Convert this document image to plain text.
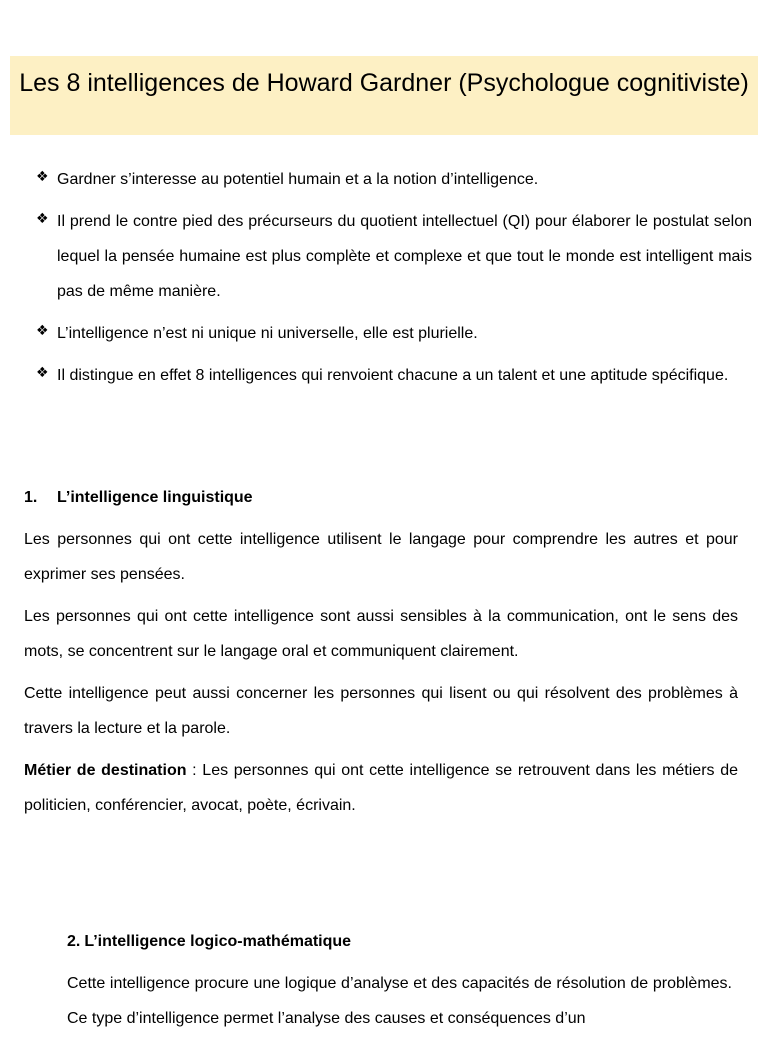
Les 8 intelligences de Howard Gardner (Psychologue cognitiviste)
❖ Gardner s’interesse au potentiel humain et a la notion d’intelligence.
❖ Il prend le contre pied des précurseurs du quotient intellectuel (QI) pour élaborer le postulat selon lequel la pensée humaine est plus complète et complexe et que tout le monde est intelligent mais pas de même manière.
❖ L’intelligence n’est ni unique ni universelle, elle est plurielle.
❖ Il distingue en effet 8 intelligences qui renvoient chacune a un talent et une aptitude spécifique.

1. L’intelligence linguistique

Les personnes qui ont cette intelligence utilisent le langage pour comprendre les autres et pour exprimer ses pensées.

Les personnes qui ont cette intelligence sont aussi sensibles à la communication, ont le sens des mots, se concentrent sur le langage oral et communiquent clairement.

Cette intelligence peut aussi concerner les personnes qui lisent ou qui résolvent des problèmes à travers la lecture et la parole.

Métier de destination : Les personnes qui ont cette intelligence se retrouvent dans les métiers de politicien, conférencier, avocat, poète, écrivain.

2. L’intelligence logico-mathématique

Cette intelligence procure une logique d’analyse et des capacités de résolution de problèmes. Ce type d’intelligence permet l’analyse des causes et conséquences d’un
